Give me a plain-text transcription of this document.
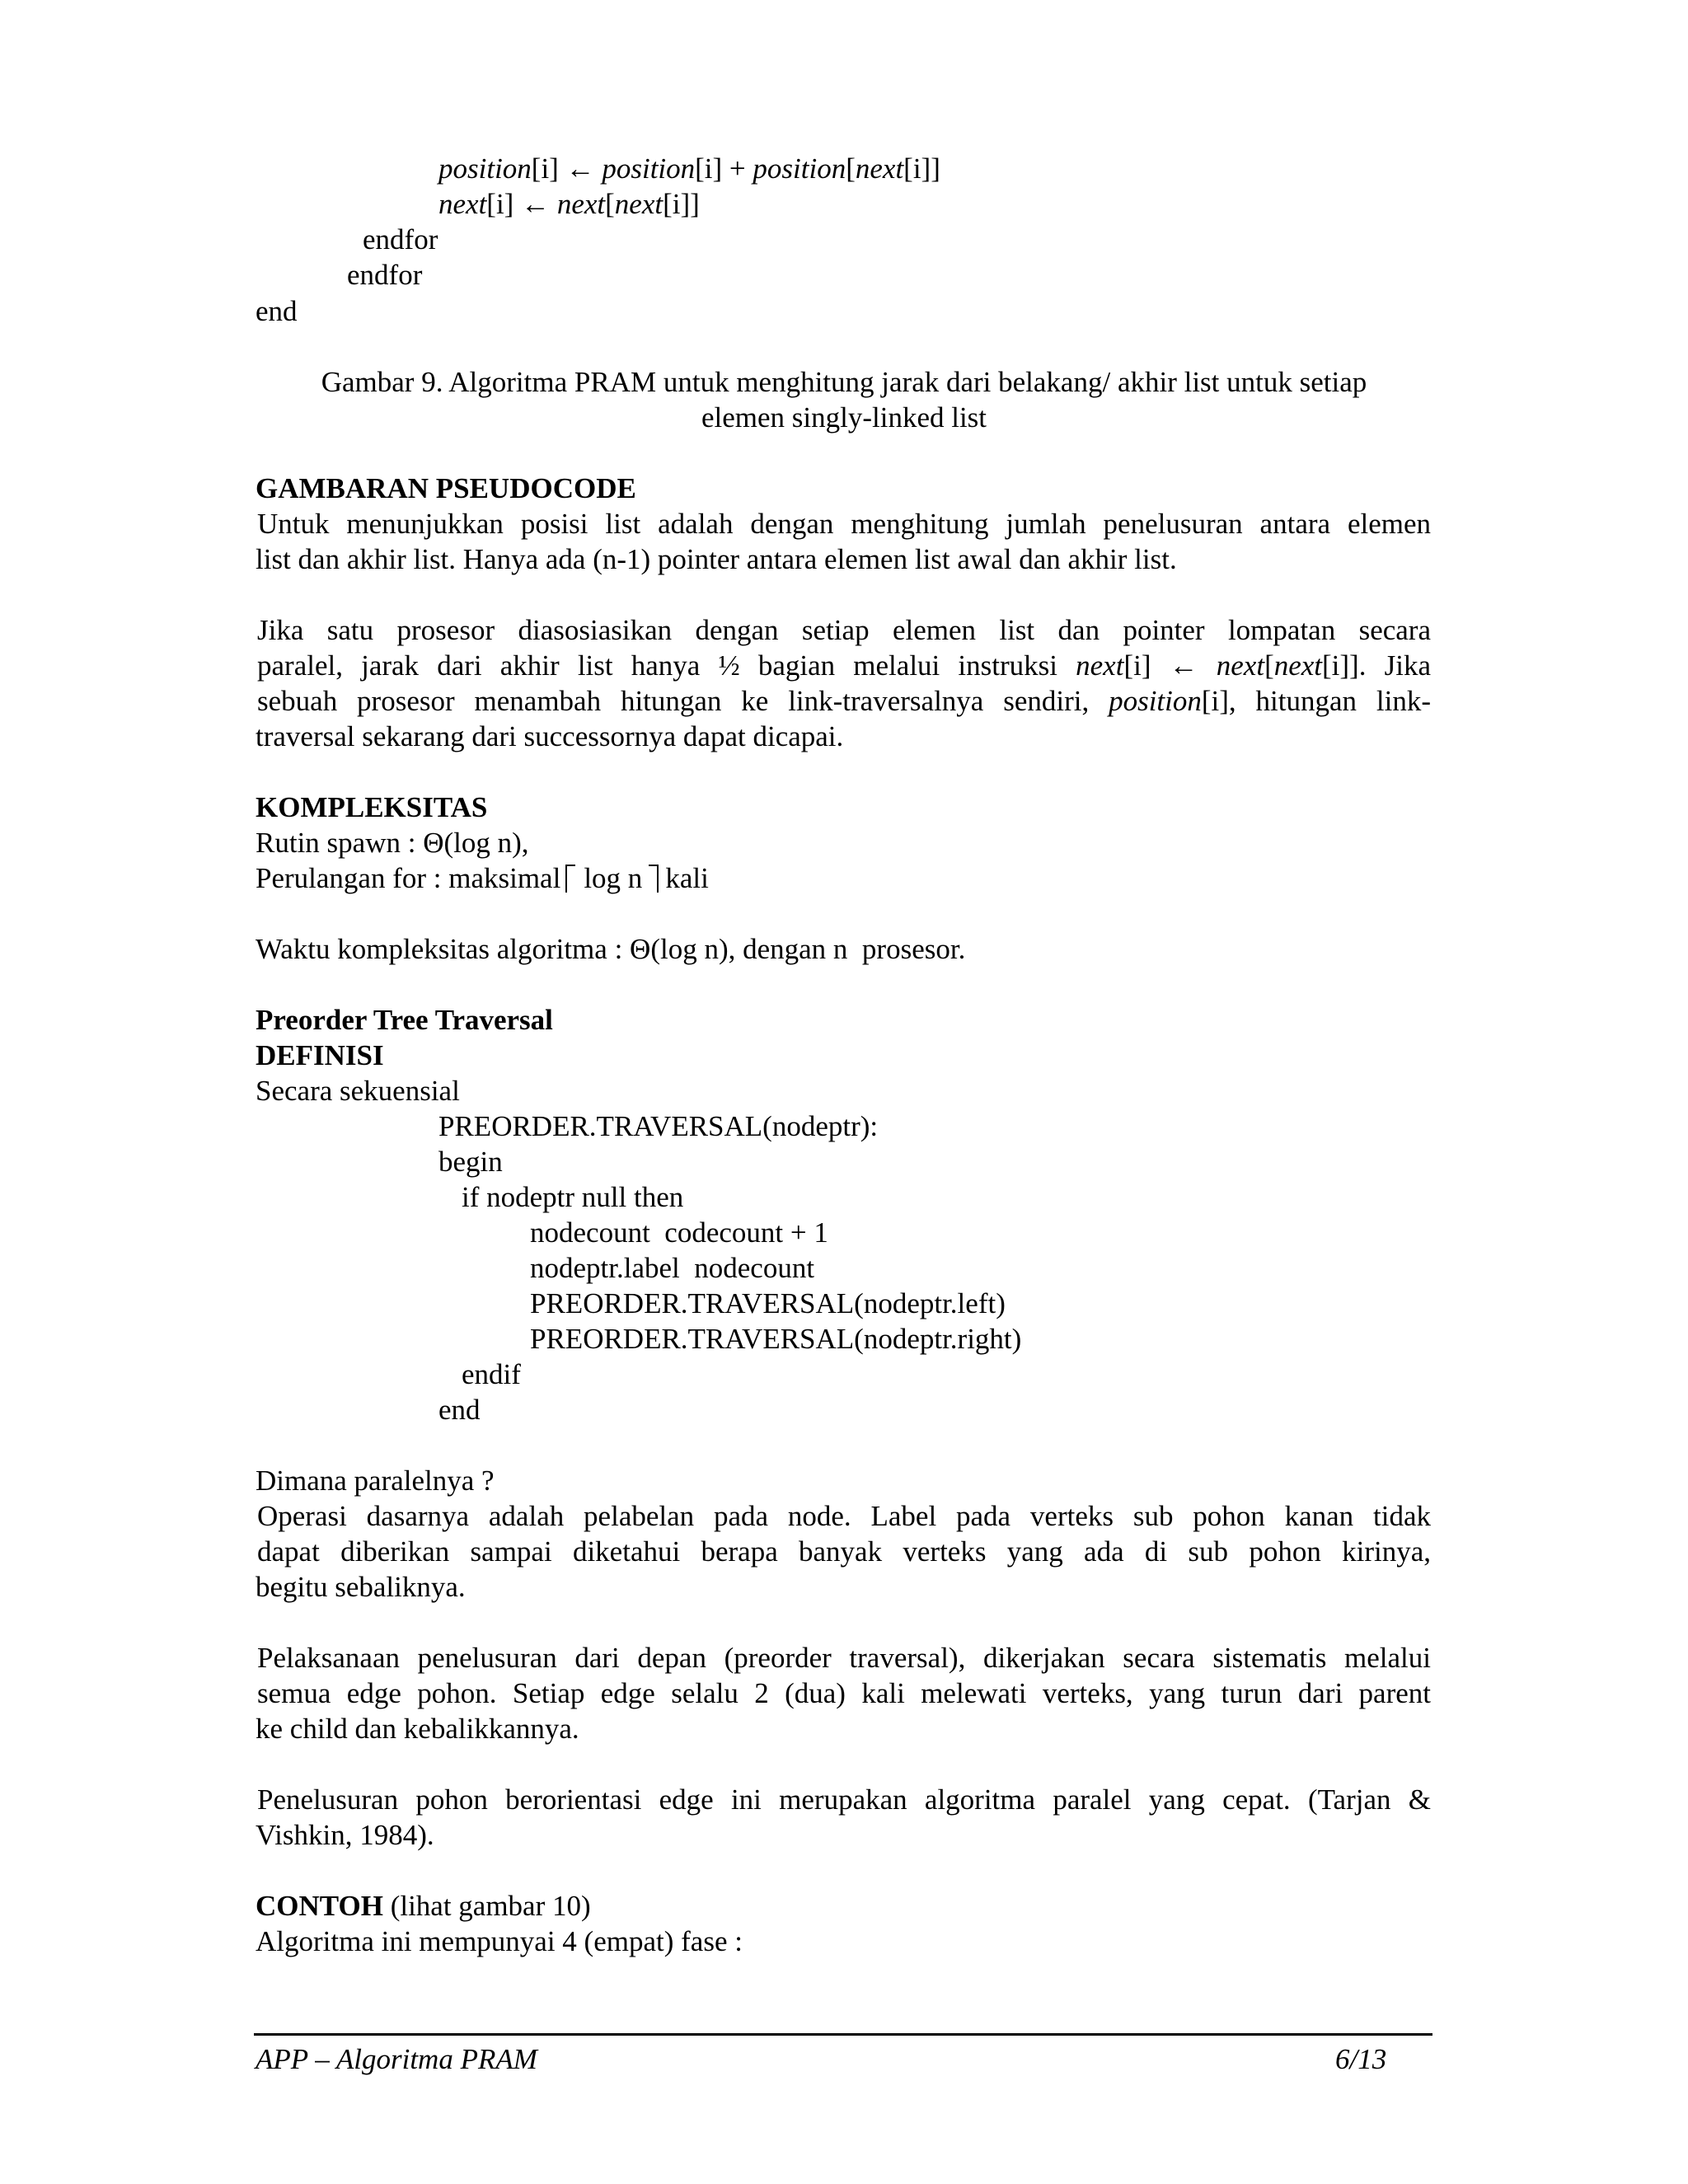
position[i] ← position[i] + position[next[i]]
next[i] ← next[next[i]]
endfor
endfor
end
Gambar 9. Algoritma PRAM untuk menghitung jarak dari belakang/ akhir list untuk setiap
elemen singly-linked list
GAMBARAN PSEUDOCODE
Untuk menunjukkan posisi list adalah dengan menghitung jumlah penelusuran antara elemen
list dan akhir list. Hanya ada (n-1) pointer antara elemen list awal dan akhir list.
Jika satu prosesor diasosiasikan dengan setiap elemen list dan pointer lompatan secara
paralel, jarak dari akhir list hanya ½ bagian melalui instruksi next[i] ← next[next[i]]. Jika
sebuah prosesor menambah hitungan ke link-traversalnya sendiri, position[i], hitungan link-
traversal sekarang dari successornya dapat dicapai.
KOMPLEKSITAS
Rutin spawn : Θ(log n),
Perulangan for : maksimal log n kali
Waktu kompleksitas algoritma : Θ(log n), dengan n  prosesor.
Preorder Tree Traversal
DEFINISI
Secara sekuensial
PREORDER.TRAVERSAL(nodeptr):
begin
if nodeptr null then
nodecount  codecount + 1
nodeptr.label  nodecount
PREORDER.TRAVERSAL(nodeptr.left)
PREORDER.TRAVERSAL(nodeptr.right)
endif
end
Dimana paralelnya ?
Operasi dasarnya adalah pelabelan pada node. Label pada verteks sub pohon kanan tidak
dapat diberikan sampai diketahui berapa banyak verteks yang ada di sub pohon kirinya,
begitu sebaliknya.
Pelaksanaan penelusuran dari depan (preorder traversal), dikerjakan secara sistematis melalui
semua edge pohon. Setiap edge selalu 2 (dua) kali melewati verteks, yang turun dari parent
ke child dan kebalikkannya.
Penelusuran pohon berorientasi edge ini merupakan algoritma paralel yang cepat. (Tarjan &
Vishkin, 1984).
CONTOH (lihat gambar 10)
Algoritma ini mempunyai 4 (empat) fase :
APP – Algoritma PRAM	6/13
